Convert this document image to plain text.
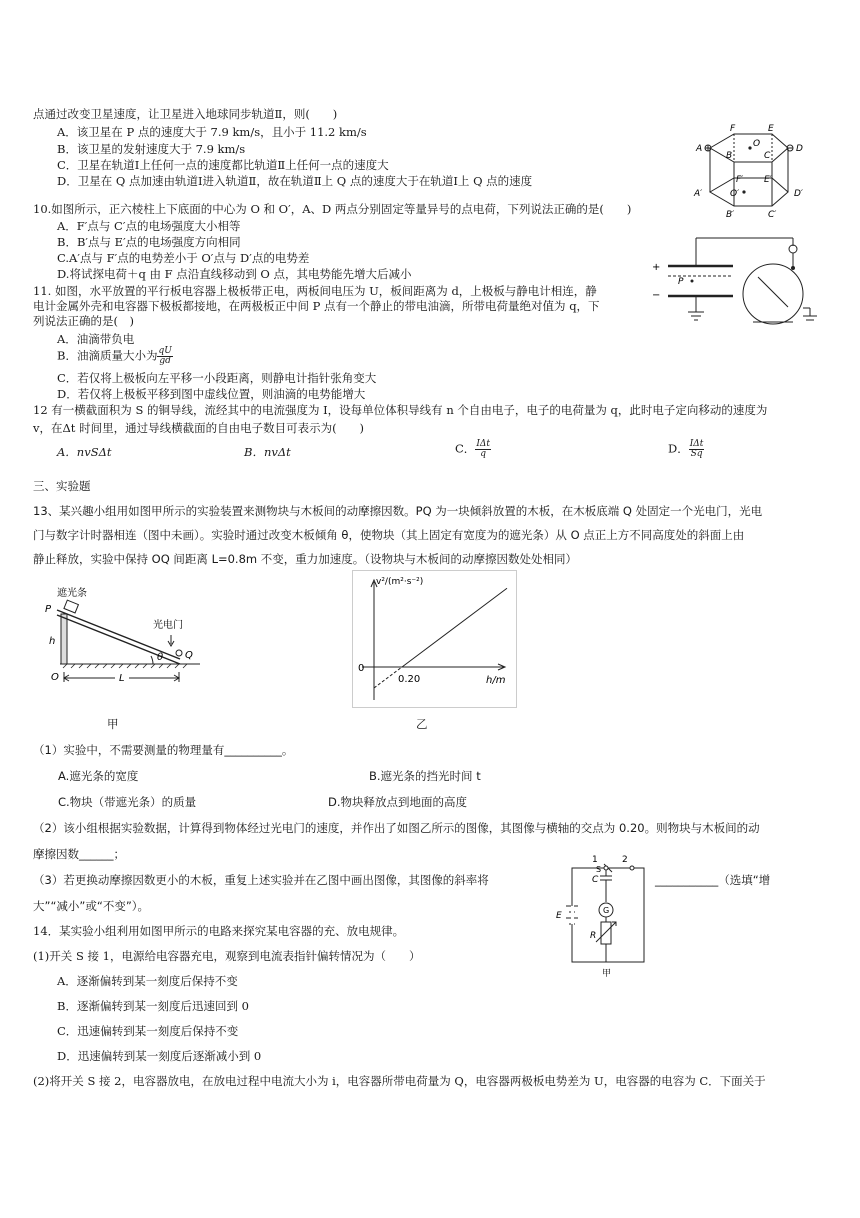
点通过改变卫星速度，让卫星进入地球同步轨道Ⅱ，则(　　)
A．该卫星在 P 点的速度大于 7.9 km/s，且小于 11.2 km/s
B．该卫星的发射速度大于 7.9 km/s
C．卫星在轨道Ⅰ上任何一点的速度都比轨道Ⅱ上任何一点的速度大
D．卫星在 Q 点加速由轨道Ⅰ进入轨道Ⅱ，故在轨道Ⅱ上 Q 点的速度大于在轨道Ⅰ上 Q 点的速度
A
F	E
D
B	C
O
O′
F′ E′
A′
B′	C′
D′
10.如图所示，正六棱柱上下底面的中心为 O 和 O′，A、D 两点分别固定等量异号的点电荷，下列说法正确的是(　　)
A．F′点与 C′点的电场强度大小相等
B．B′点与 E′点的电场强度方向相同
C.A′点与 F′点的电势差小于 O′点与 D′点的电势差
D.将试探电荷＋q 由 F 点沿直线移动到 O 点，其电势能先增大后减小	+
P
−
11. 如图，水平放置的平行板电容器上极板带正电，两板间电压为 U，板间距离为 d，上极板与静电计相连，静
电计金属外壳和电容器下极板都接地，在两极板正中间 P 点有一个静止的带电油滴，所带电荷量绝对值为 q，下
列说法正确的是(　)
A．油滴带负电
B．油滴质量大小为 $\frac{qU}{gd}$
C．若仅将上极板向左平移一小段距离，则静电计指针张角变大
D．若仅将上极板平移到图中虚线位置，则油滴的电势能增大
12 有一横截面积为 S 的铜导线，流经其中的电流强度为 I，设每单位体积导线有 n 个自由电子，电子的电荷量为 q，此时电子定向移动的速度为
v，在Δt 时间里，通过导线横截面的自由电子数目可表示为(　　)
A．nvSΔt	B．nvΔt	C． $\frac{\text{IΔt}}{q}$	D． $\frac{\text{IΔt}}{Sq}$
三、实验题
13、某兴趣小组用如图甲所示的实验装置来测物块与木板间的动摩擦因数。PQ 为一块倾斜放置的木板，在木板底端 Q 处固定一个光电门，光电
门与数字计时器相连（图中未画）。实验时通过改变木板倾角 θ，使物块（其上固定有宽度为的遮光条）从 O 点正上方不同高度处的斜面上由
静止释放，实验中保持 OQ 间距离 L=0.8m 不变，重力加速度。（设物块与木板间的动摩擦因数处处相同）
遮光条
光电门
P
h
θ Q
O	L
甲
v²/(m²·s⁻²)
0
0.20	h/m
乙
（1）实验中，不需要测量的物理量有__________。
A.遮光条的宽度	B.遮光条的挡光时间 t
C.物块（带遮光条）的质量	D.物块释放点到地面的高度
（2）该小组根据实验数据，计算得到物体经过光电门的速度，并作出了如图乙所示的图像，其图像与横轴的交点为 0.20。则物块与木板间的动
摩擦因数______；
（3）若更换动摩擦因数更小的木板，重复上述实验并在乙图中画出图像，其图像的斜率将	___________（选填“增
大”“减小”或“不变”）。
14．某实验小组利用如图甲所示的电路来探究某电容器的充、放电规律。
(1)开关 S 接 1，电源给电容器充电，观察到电流表指针偏转情况为（　　）
A．逐渐偏转到某一刻度后保持不变
B．逐渐偏转到某一刻度后迅速回到 0
C．迅速偏转到某一刻度后保持不变
D．迅速偏转到某一刻度后逐渐减小到 0
(2)将开关 S 接 2，电容器放电，在放电过程中电流大小为 i，电容器所带电荷量为 Q，电容器两极板电势差为 U，电容器的电容为 C．下面关于
1	2
S
C
E
G
R
甲
